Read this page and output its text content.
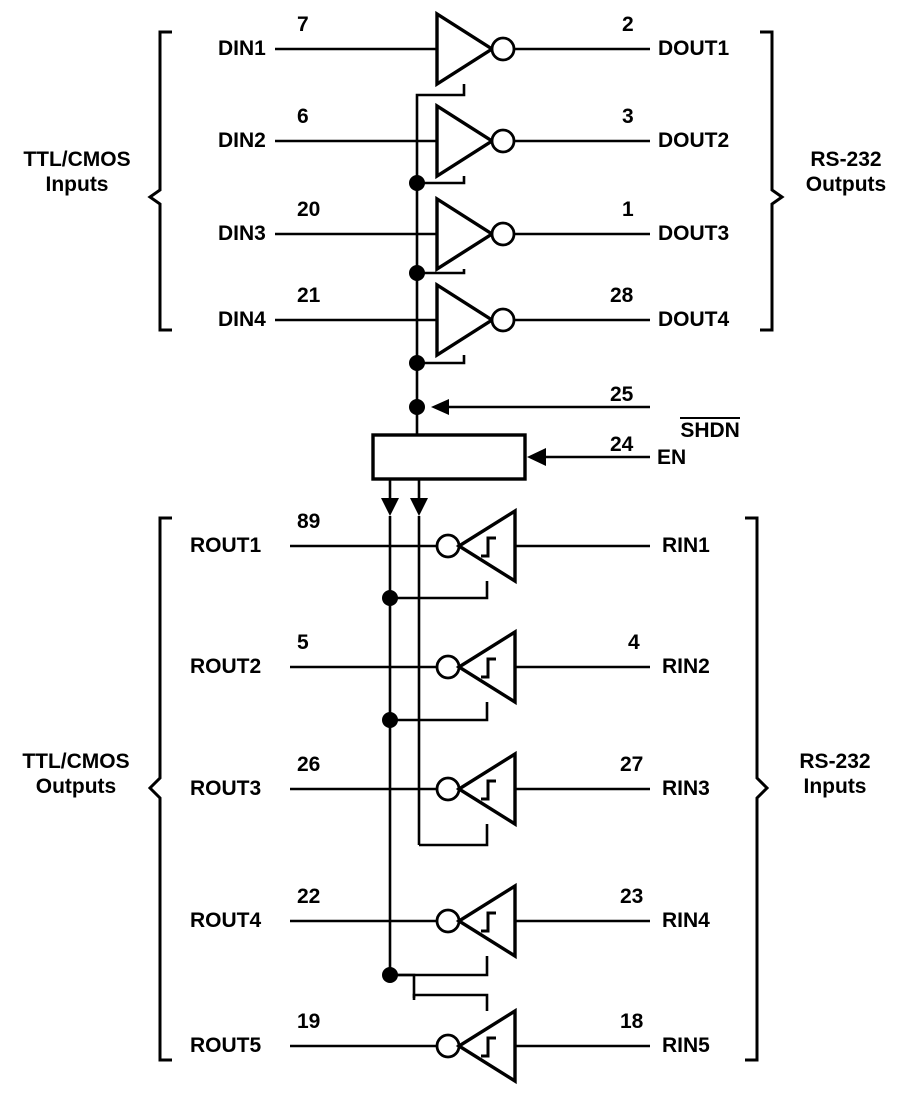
TTL/CMOS
Inputs
RS-232
Outputs
TTL/CMOS
Outputs
RS-232
Inputs
DIN1
7
DIN2
6
DIN3
20
DIN4
21
DOUT1
2
DOUT2
3
DOUT3
1
DOUT4
28
25

SHDN

24
EN
ROUT1
89
ROUT2
5
ROUT3
26
ROUT4
22
ROUT5
19
RIN1
RIN2
4
RIN3
27
RIN4
23
RIN5
18
